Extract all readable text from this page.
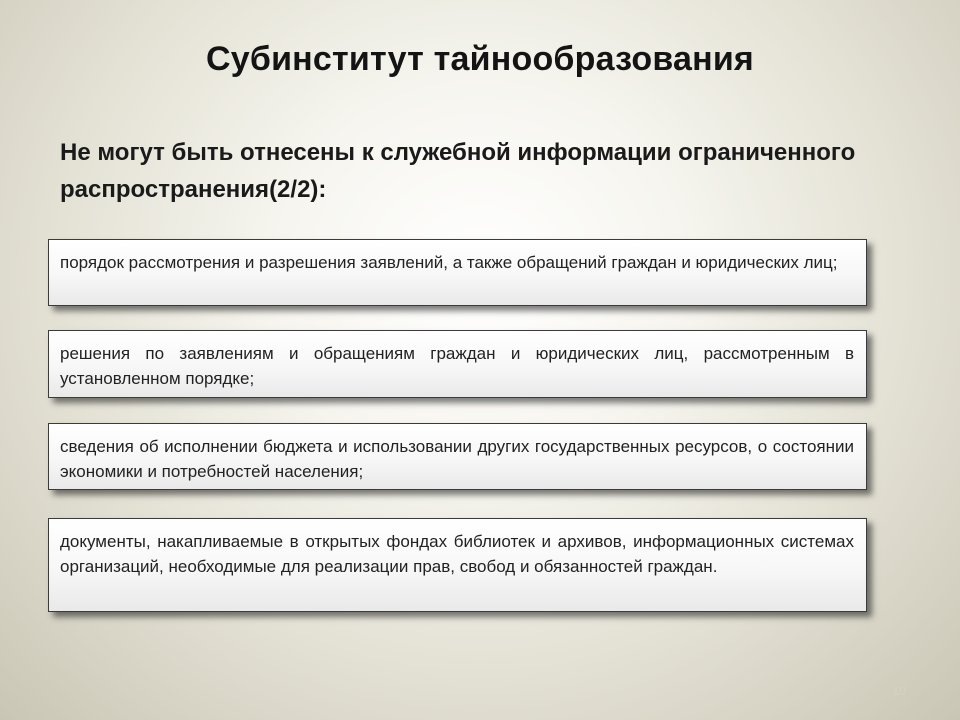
Субинститут тайнообразования

Не могут быть отнесены к служебной информации ограниченного распространения(2/2):

порядок рассмотрения и разрешения заявлений, а также обращений граждан и юридических лиц;
решения по заявлениям и обращениям граждан и юридических лиц, рассмотренным в установленном порядке;
сведения об исполнении бюджета и использовании других государственных ресурсов, о состоянии экономики и потребностей населения;
документы, накапливаемые в открытых фондах библиотек и архивов, информационных системах организаций, необходимые для реализации прав, свобод и обязанностей граждан.
10
